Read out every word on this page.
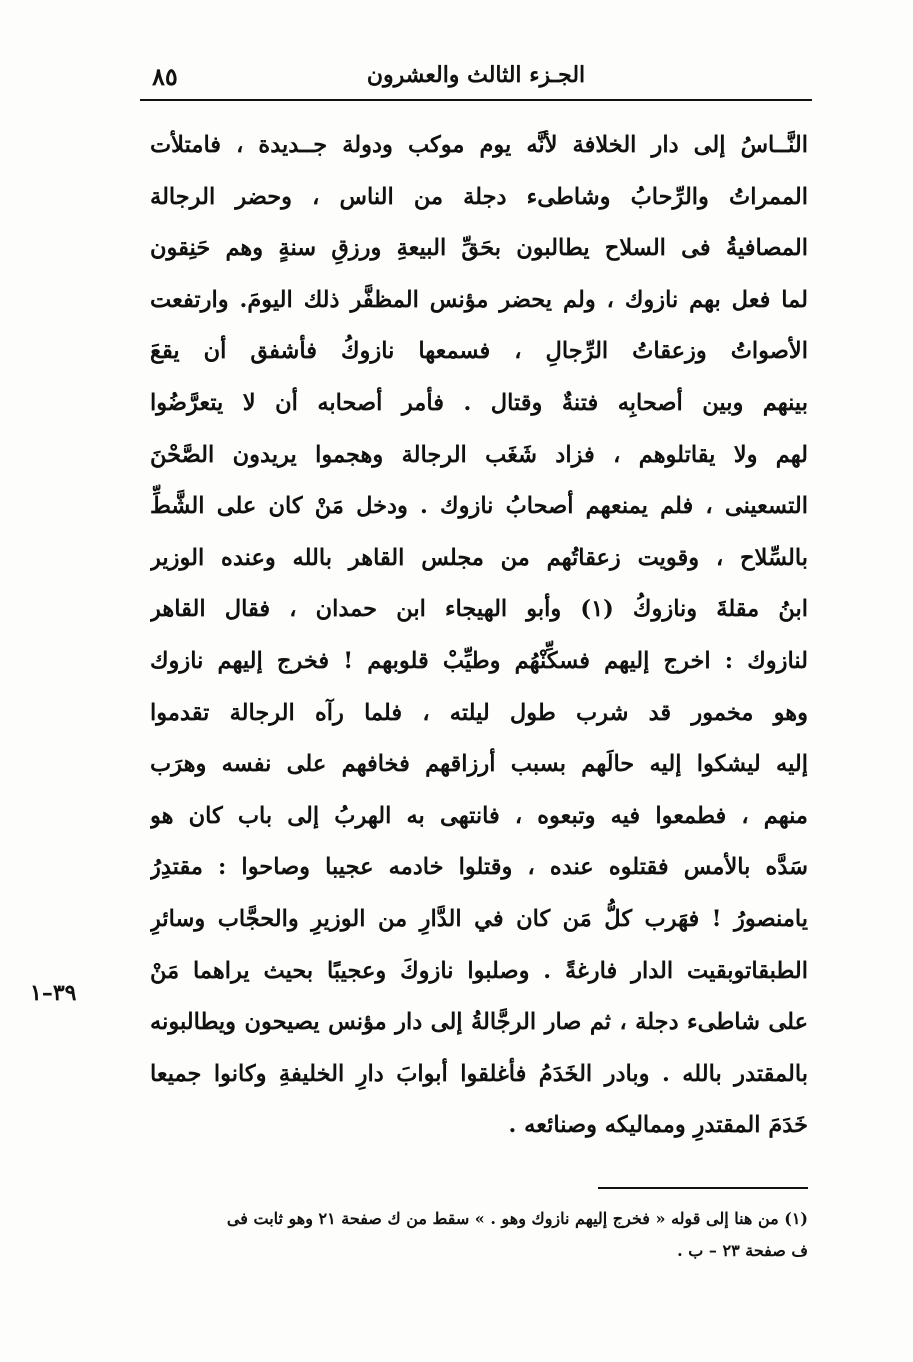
٨٥	الجـزء الثالث والعشرون
النَّــاسُ إلى دار الخلافة لأنَّه يوم موكب ودولة جــديدة ، فامتلأت
الممراتُ والرِّحابُ وشاطىء دجلة من الناس ، وحضر الرجالة
المصافيةُ فى السلاح يطالبون بحَقِّ البيعةِ ورزقِ سنةٍ وهم حَنِقون
لما فعل بهم نازوك ، ولم يحضر مؤنس المظفَّر ذلك اليومَ. وارتفعت
الأصواتُ وزعقاتُ الرِّجالِ ، فسمعها نازوكُ فأشفق أن يقعَ
بينهم وبين أصحابِه فتنةٌ وقتال . فأمر أصحابه أن لا يتعرَّضُوا
لهم ولا يقاتلوهم ، فزاد شَغَب الرجالة وهجموا يريدون الصَّحْنَ
التسعينى ، فلم يمنعهم أصحابُ نازوك . ودخل مَنْ كان على الشَّطِّ
بالسِّلاح ، وقويت زعقاتُهم من مجلس القاهر بالله وعنده الوزير
ابنُ مقلةَ ونازوكُ (١) وأبو الهيجاء ابن حمدان ، فقال القاهر
لنازوك : اخرج إليهم فسكِّنْهُم وطيِّبْ قلوبهم ! فخرج إليهم نازوك
وهو مخمور قد شرب طول ليلته ، فلما رآه الرجالة تقدموا
إليه ليشكوا إليه حالَهم بسبب أرزاقهم فخافهم على نفسه وهرَب
منهم ، فطمعوا فيه وتبعوه ، فانتهى به الهربُ إلى باب كان هو
سَدَّه بالأمس فقتلوه عنده ، وقتلوا خادمه عجيبا وصاحوا : مقتدِرُ
يامنصورُ ! فهَرب كلُّ مَن كان في الدَّارِ من الوزيرِ والحجَّاب وسائرِ
الطبقاتوبقيت الدار فارغةً . وصلبوا نازوكَ وعجيبًا بحيث يراهما مَنْ
على شاطىء دجلة ، ثم صار الرجَّالةُ إلى دار مؤنس يصيحون ويطالبونه
بالمقتدر بالله . وبادر الخَدَمُ فأغلقوا أبوابَ دارِ الخليفةِ وكانوا جميعا
خَدَمَ المقتدرِ ومماليكه وصنائعه .
٣٩–١
(١) من هنا إلى قوله « فخرج إليهم نازوك وهو . » سقط من ك صفحة ٢١ وهو ثابت فى
ف صفحة ٢٣ – ب .
